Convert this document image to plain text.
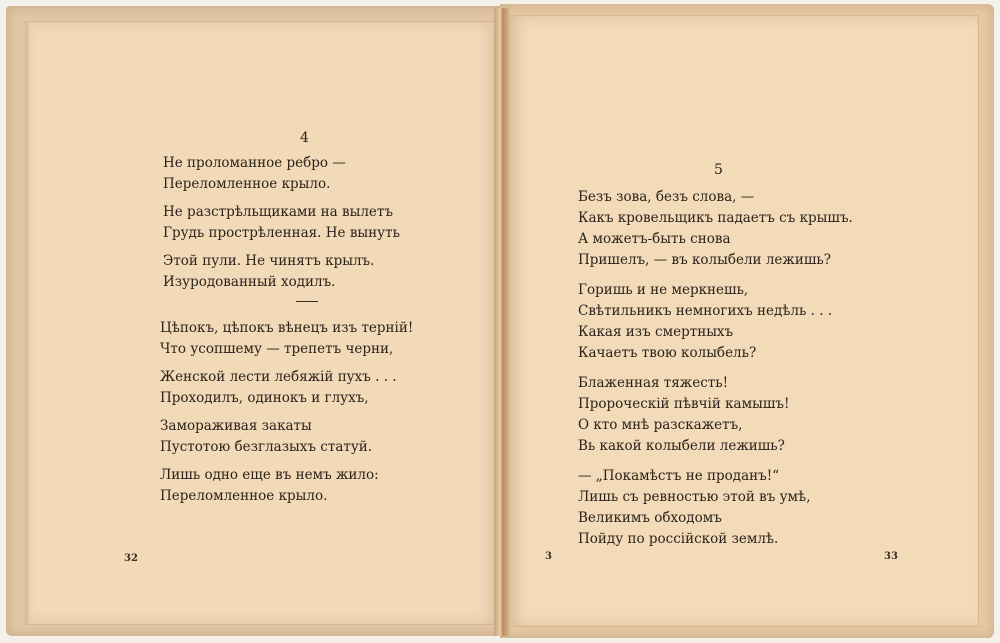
4
Не проломанное ребро —
Переломленное крыло.
Не разстрѣльщиками на вылетъ
Грудь прострѣленная. Не вынуть
Этой пули. Не чинятъ крылъ.
Изуродованный ходилъ.
Цѣпокъ, цѣпокъ вѣнецъ изъ терній!
Что усопшему — трепетъ черни,
Женской лести лебяжій пухъ . . .
Проходилъ, одинокъ и глухъ,
Замораживая закаты
Пустотою безглазыхъ статуй.
Лишь одно еще въ немъ жило:
Переломленное крыло.
32
5
Безъ зова, безъ слова, —
Какъ кровельщикъ падаетъ съ крышъ.
А можетъ-быть снова
Пришелъ, — въ колыбели лежишь?
Горишь и не меркнешь,
Свѣтильникъ немногихъ недѣль . . .
Какая изъ смертныхъ
Качаетъ твою колыбель?
Блаженная тяжесть!
Пророческій пѣвчій камышъ!
О кто мнѣ разскажетъ,
Вь какой колыбели лежишь?
— „Покамѣстъ не проданъ!“
Лишь съ ревностью этой въ умѣ,
Великимъ обходомъ
Пойду по россійской землѣ.
3	33
